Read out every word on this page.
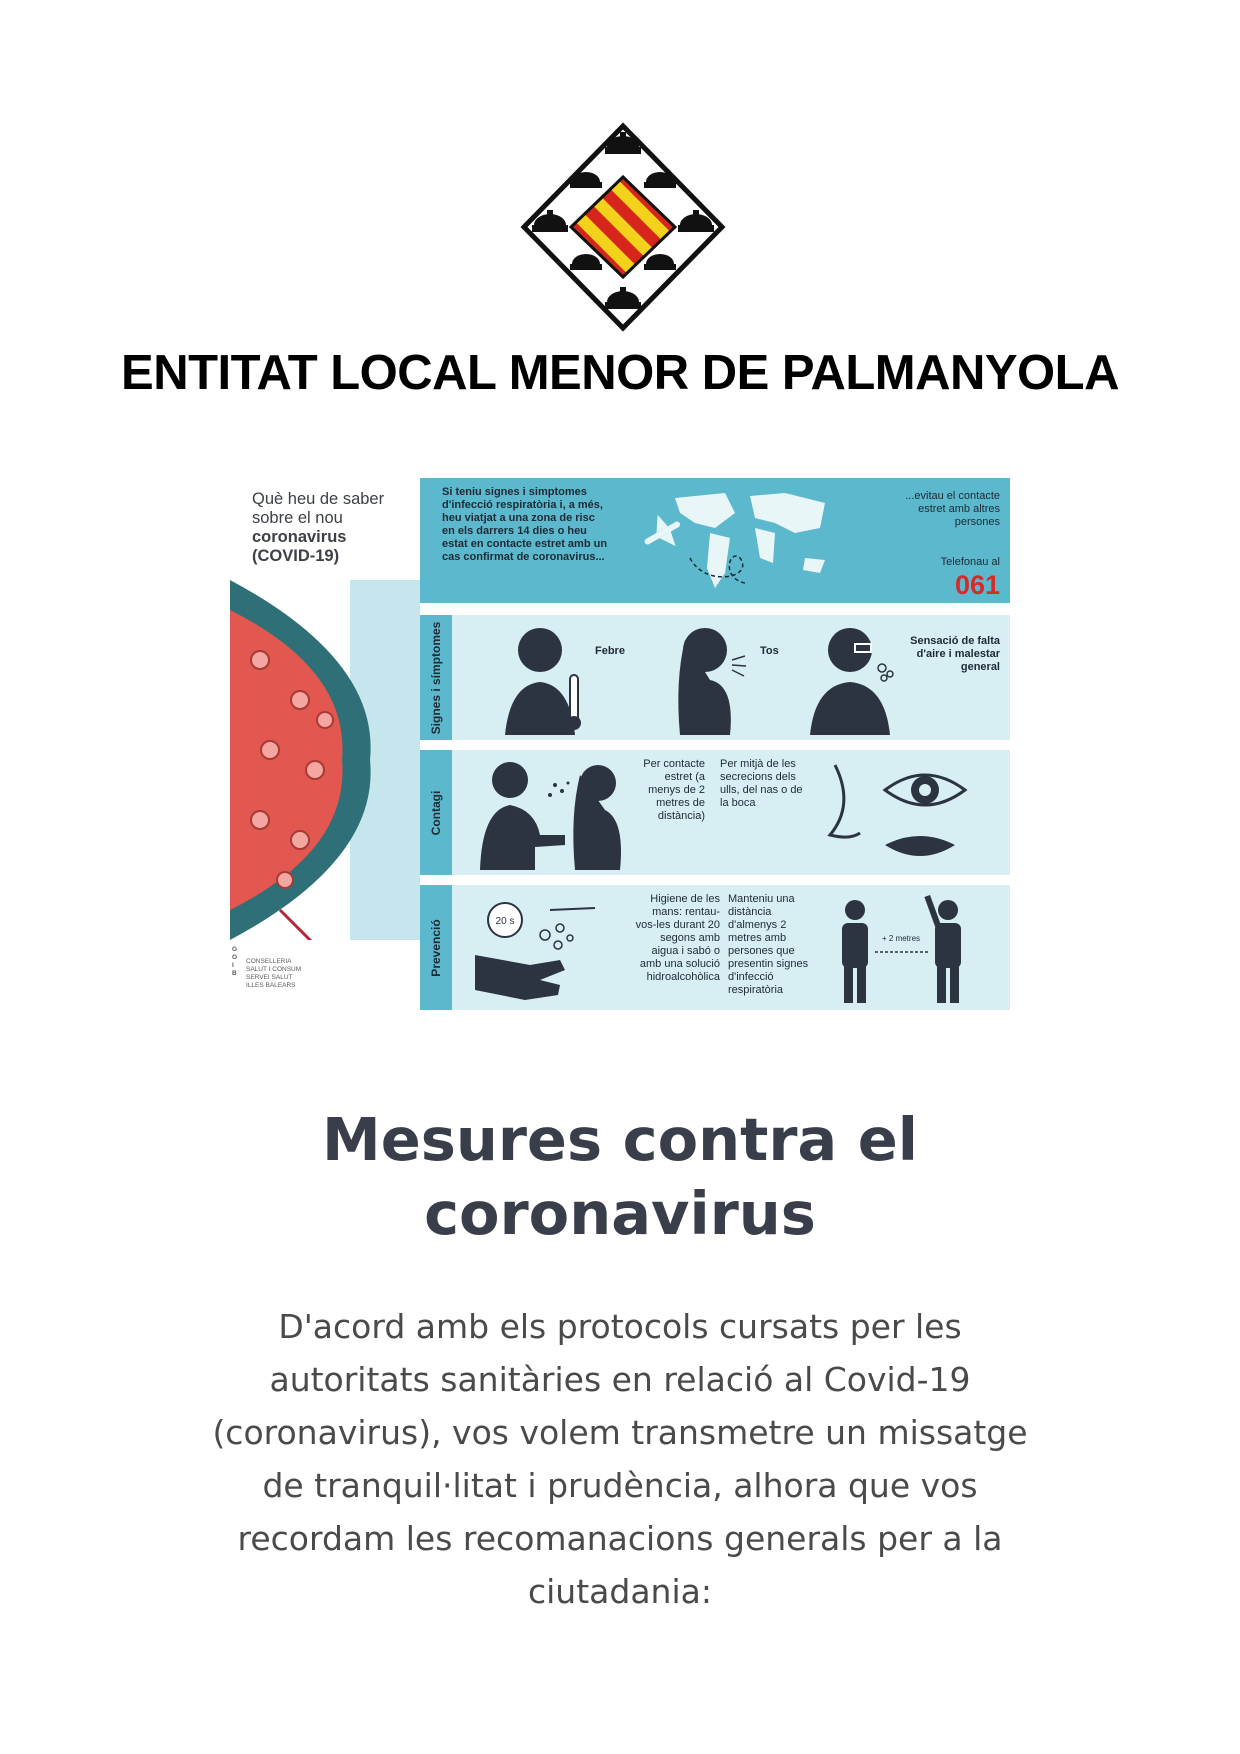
ENTITAT LOCAL MENOR DE PALMANYOLA
Què heu de saber
sobre el nou
coronavirus
(COVID-19)
G O I B
CONSELLERIA
SALUT I CONSUM
SERVEI SALUT
ILLES BALEARS
Si teniu signes i simptomes d'infecció respiratòria i, a més, heu viatjat a una zona de risc en els darrers 14 dies o heu estat en contacte estret amb un cas confirmat de coronavirus...
...evitau el contacte estret amb altres persones
Telefonau al
061
Signes i símptomes	Febre	Tos
Sensació de falta d'aire i malestar general
Contagi
Per contacte estret (a menys de 2 metres de distància)
Per mitjà de les secrecions dels ulls, del nas o de la boca
Prevenció	20 s
Higiene de les mans: rentau-vos-les durant 20 segons amb aigua i sabó o amb una solució hidroalcohòlica
Manteniu una distància d'almenys 2 metres amb persones que presentin signes d'infecció respiratòria
+ 2 metres
Mesures contra el
coronavirus
D'acord amb els protocols cursats per les autoritats sanitàries en relació al Covid-19 (coronavirus), vos volem transmetre un missatge de tranquil·litat i prudència, alhora que vos recordam les recomanacions generals per a la ciutadania:
